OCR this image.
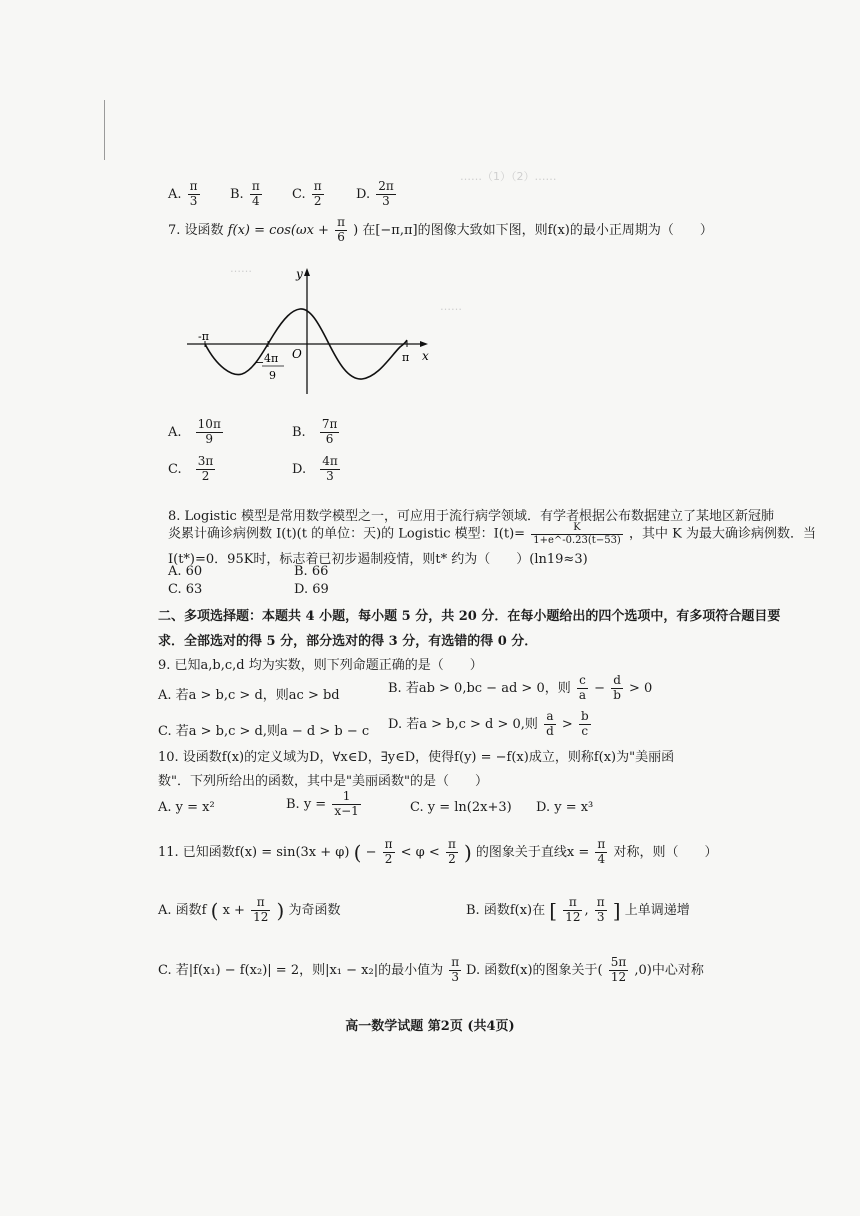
……（1）（2）……
……
……
A. $\frac{\pi}{3} B$. $\frac{\pi}{4} C$. $\frac{\pi}{2} D$. $\frac{2\pi}{3}$
7. 设函数 $f(x) = \cos(\omega x + \frac{\pi}{6}$ ) 在[−π,π]的图像大致如下图，则f(x)的最小正周期为（　　）
y
x
-π
π
O
− 4π
9
A. $\frac{10\pi}{9}$	B. $\frac{7\pi}{6}$
C. $\frac{3\pi}{2}$	D. $\frac{4\pi}{3}$
8. Logistic 模型是常用数学模型之一，可应用于流行病学领域．有学者根据公布数据建立了某地区新冠肺
炎累计确诊病例数 I(t)(t 的单位：天)的 Logistic 模型：$I(t)= \frac{K}{1+e\^{}-0.23(t-53)}$ ，其中 K 为最大确诊病例数．当
I(t*)=0．95K时，标志着已初步遏制疫情，则t* 约为（　　）(ln19≈3)
A. 60	B. 66
C. 63	D. 69
二、多项选择题：本题共 4 小题，每小题 5 分，共 20 分．在每小题给出的四个选项中，有多项符合题目要
求．全部选对的得 5 分，部分选对的得 3 分，有选错的得 0 分．
9. 已知a,b,c,d 均为实数，则下列命题正确的是（　　）
A. 若a > b,c > d，则ac > bd	B. 若ab > 0,bc − ad > 0，则 $\frac{c}{a} - \frac{d}{b} > 0$
C. 若a > b,c > d,则a − d > b − c D. 若a > b,c > d > 0,则 $\frac{a}{d} > \frac{b}{c}$
10. 设函数f(x)的定义域为D，∀x∈D，∃y∈D，使得f(y) = −f(x)成立，则称f(x)为"美丽函
数"．下列所给出的函数，其中是"美丽函数"的是（　　）
A. y = x²	B. $y = \frac{1}{x-1}$	C. y = ln(2x+3) D. y = x³
11. 已知函数f(x) = sin(3x + φ) ( − $\frac{\pi}{2} < \varphi < \frac{\pi}{2}$ ) 的图象关于直线$x = \frac{\pi}{4}$ 对称，则（　　）
A. 函数f ( $x + \frac{\pi}{12}$ ) 为奇函数	B. 函数f(x)在 [ $\frac{\pi}{12}$ , $\frac{\pi}{3}$ ] 上单调递增
C. 若|f(x₁) − f(x₂)| = 2，则|x₁ − x₂|的最小值为 $\frac{\pi}{3} D$. 函数f(x)的图象关于( $\frac{5\pi}{12} ,0$)中心对称
高一数学试题 第2页 (共4页)
